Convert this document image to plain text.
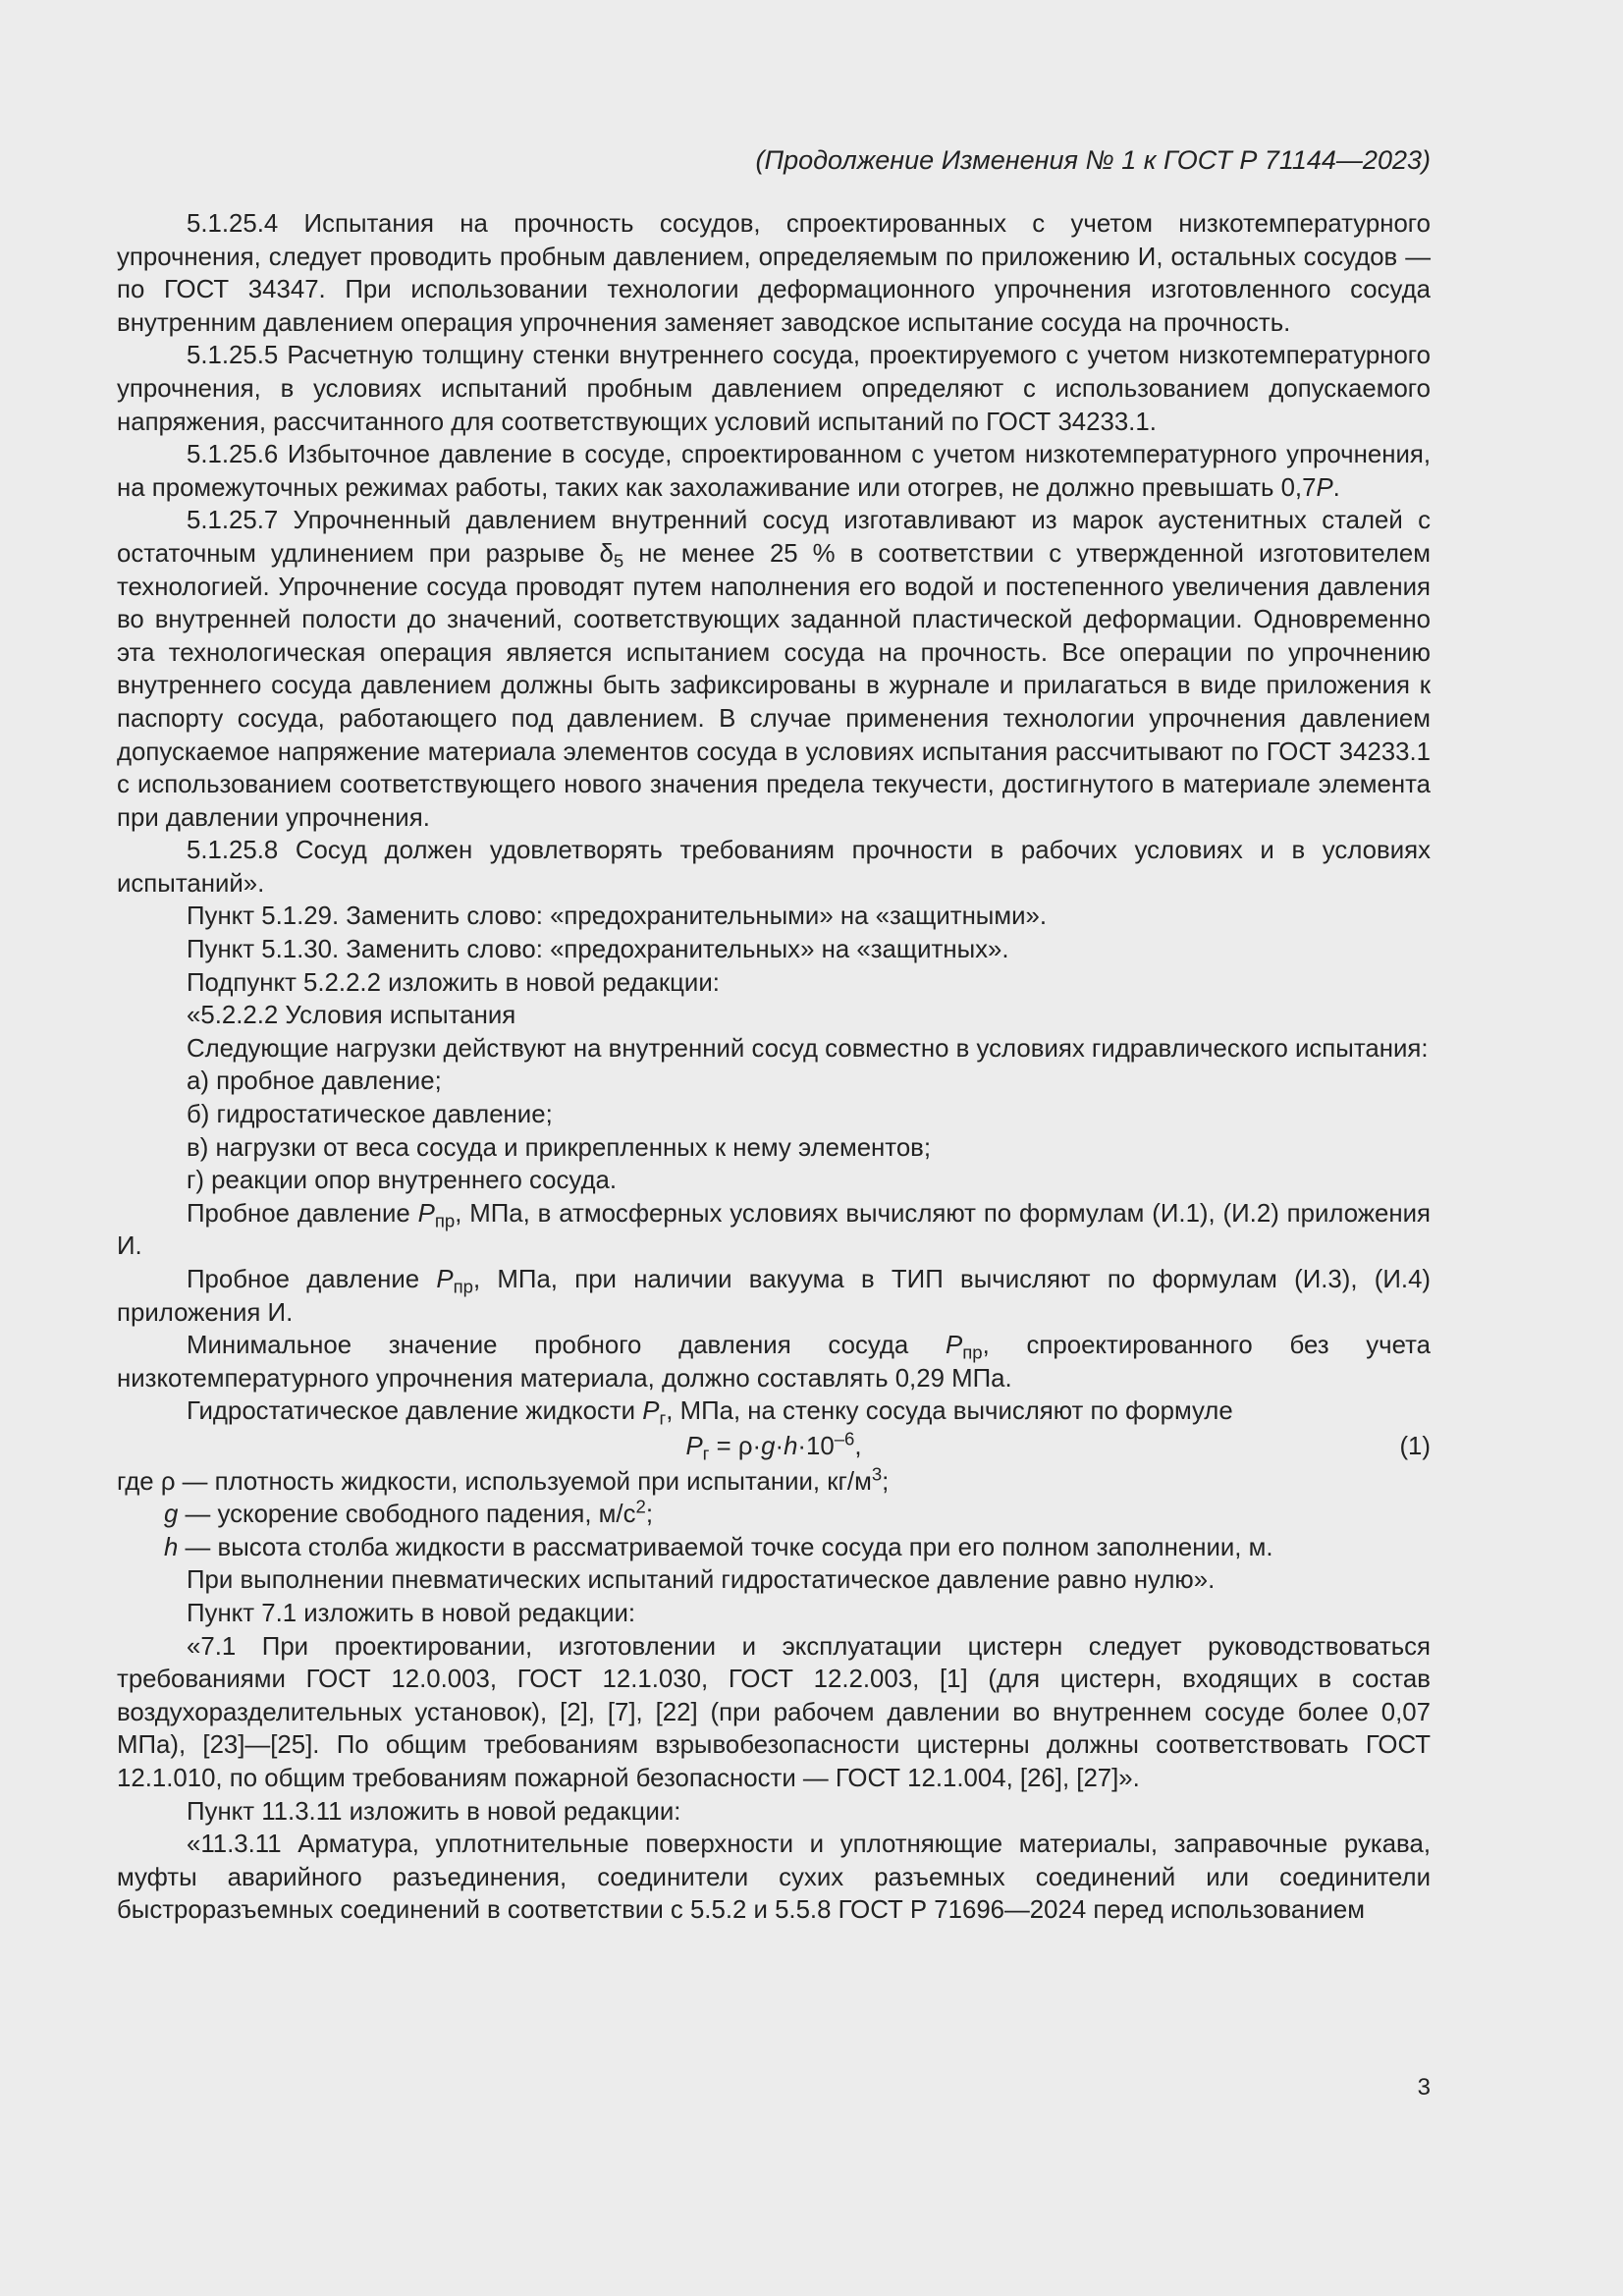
(Продолжение Изменения № 1 к ГОСТ Р 71144—2023)

5.1.25.4 Испытания на прочность сосудов, спроектированных с учетом низкотемпературного упрочнения, следует проводить пробным давлением, определяемым по приложению И, остальных сосудов — по ГОСТ 34347. При использовании технологии деформационного упрочнения изготовленного сосуда внутренним давлением операция упрочнения заменяет заводское испытание сосуда на прочность.

5.1.25.5 Расчетную толщину стенки внутреннего сосуда, проектируемого с учетом низкотемпературного упрочнения, в условиях испытаний пробным давлением определяют с использованием допускаемого напряжения, рассчитанного для соответствующих условий испытаний по ГОСТ 34233.1.

5.1.25.6 Избыточное давление в сосуде, спроектированном с учетом низкотемпературного упрочнения, на промежуточных режимах работы, таких как захолаживание или отогрев, не должно превышать 0,7P.

5.1.25.7 Упрочненный давлением внутренний сосуд изготавливают из марок аустенитных сталей с остаточным удлинением при разрыве $\delta_5$ не менее 25 % в соответствии с утвержденной изготовителем технологией. Упрочнение сосуда проводят путем наполнения его водой и постепенного увеличения давления во внутренней полости до значений, соответствующих заданной пластической деформации. Одновременно эта технологическая операция является испытанием сосуда на прочность. Все операции по упрочнению внутреннего сосуда давлением должны быть зафиксированы в журнале и прилагаться в виде приложения к паспорту сосуда, работающего под давлением. В случае применения технологии упрочнения давлением допускаемое напряжение материала элементов сосуда в условиях испытания рассчитывают по ГОСТ 34233.1 с использованием соответствующего нового значения предела текучести, достигнутого в материале элемента при давлении упрочнения.

5.1.25.8 Сосуд должен удовлетворять требованиям прочности в рабочих условиях и в условиях испытаний».

Пункт 5.1.29. Заменить слово: «предохранительными» на «защитными».

Пункт 5.1.30. Заменить слово: «предохранительных» на «защитных».

Подпункт 5.2.2.2 изложить в новой редакции:

«5.2.2.2 Условия испытания

Следующие нагрузки действуют на внутренний сосуд совместно в условиях гидравлического испытания:

а) пробное давление;

б) гидростатическое давление;

в) нагрузки от веса сосуда и прикрепленных к нему элементов;

г) реакции опор внутреннего сосуда.

Пробное давление $P_{пр}$, МПа, в атмосферных условиях вычисляют по формулам (И.1), (И.2) приложения И.

Пробное давление $P_{пр}$, МПа, при наличии вакуума в ТИП вычисляют по формулам (И.3), (И.4) приложения И.

Минимальное значение пробного давления сосуда $P_{пр}$, спроектированного без учета низкотемпературного упрочнения материала, должно составлять 0,29 МПа.

Гидростатическое давление жидкости $P_г$, МПа, на стенку сосуда вычисляют по формуле

$P_г = \rho\cdot g\cdot h\cdot 10^{-6}$,	(1)

где ρ — плотность жидкости, используемой при испытании, $кг/м^3$;

g — ускорение свободного падения, $м/с^2$;

h — высота столба жидкости в рассматриваемой точке сосуда при его полном заполнении, м.

При выполнении пневматических испытаний гидростатическое давление равно нулю».

Пункт 7.1 изложить в новой редакции:

«7.1 При проектировании, изготовлении и эксплуатации цистерн следует руководствоваться требованиями ГОСТ 12.0.003, ГОСТ 12.1.030, ГОСТ 12.2.003, [1] (для цистерн, входящих в состав воздухоразделительных установок), [2], [7], [22] (при рабочем давлении во внутреннем сосуде более 0,07 МПа), [23]—[25]. По общим требованиям взрывобезопасности цистерны должны соответствовать ГОСТ 12.1.010, по общим требованиям пожарной безопасности — ГОСТ 12.1.004, [26], [27]».

Пункт 11.3.11 изложить в новой редакции:

«11.3.11 Арматура, уплотнительные поверхности и уплотняющие материалы, заправочные рукава, муфты аварийного разъединения, соединители сухих разъемных соединений или соединители быстроразъемных соединений в соответствии с 5.5.2 и 5.5.8 ГОСТ Р 71696—2024 перед использованием

3
